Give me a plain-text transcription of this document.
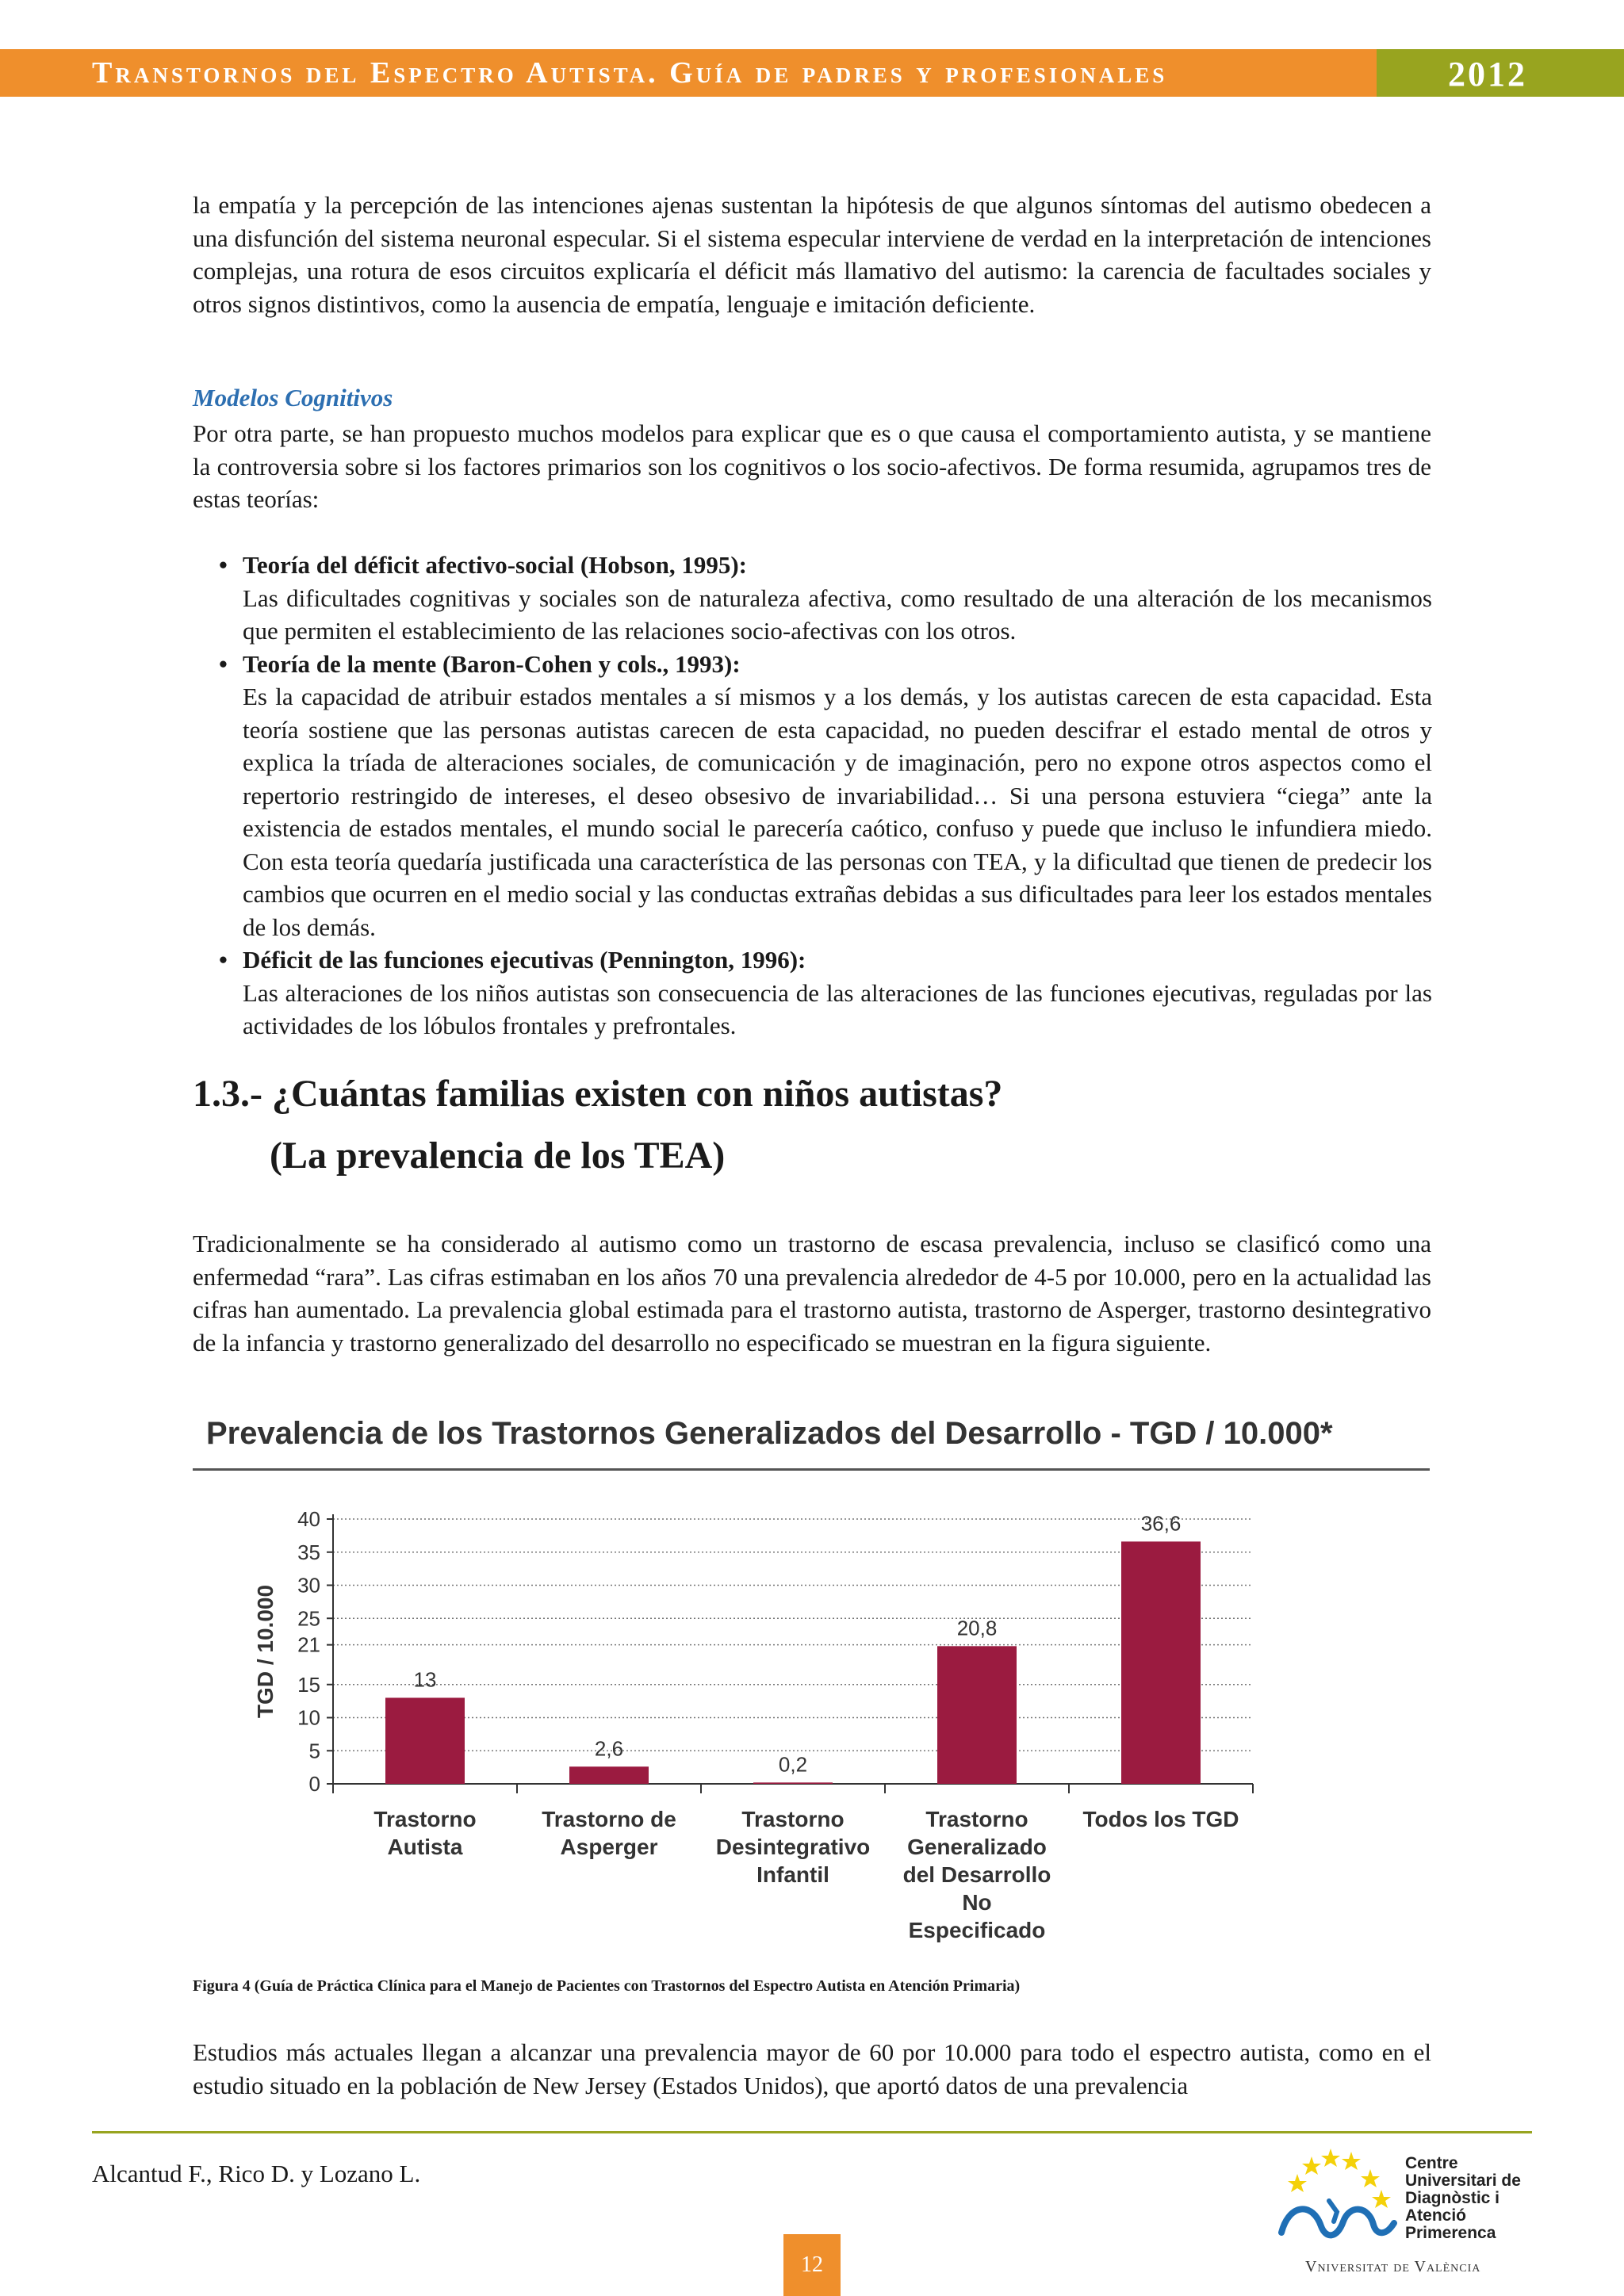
Transtornos del Espectro Autista. Guía de padres y profesionales	2012
la empatía y la percepción de las intenciones ajenas sustentan la hipótesis de que algunos síntomas del autismo obedecen a una disfunción del sistema neuronal especular. Si el sistema especular interviene de verdad en la interpretación de intenciones complejas, una rotura de esos circuitos explicaría el déficit más llamativo del autismo: la carencia de facultades sociales y otros signos distintivos, como la ausencia de empatía, lenguaje e imitación deficiente.
Modelos Cognitivos
Por otra parte, se han propuesto muchos modelos para explicar que es o que causa el comportamiento autista, y se mantiene la controversia sobre si los factores primarios son los cognitivos o los socio-afectivos. De forma resumida, agrupamos tres de estas teorías:
• Teoría del déficit afectivo-social (Hobson, 1995):
Las dificultades cognitivas y sociales son de naturaleza afectiva, como resultado de una alteración de los mecanismos que permiten el establecimiento de las relaciones socio-afectivas con los otros.
• Teoría de la mente (Baron-Cohen y cols., 1993):
Es la capacidad de atribuir estados mentales a sí mismos y a los demás, y los autistas carecen de esta capacidad. Esta teoría sostiene que las personas autistas carecen de esta capacidad, no pueden descifrar el estado mental de otros y explica la tríada de alteraciones sociales, de comunicación y de imaginación, pero no expone otros aspectos como el repertorio restringido de intereses, el deseo obsesivo de invariabilidad… Si una persona estuviera “ciega” ante la existencia de estados mentales, el mundo social le parecería caótico, confuso y puede que incluso le infundiera miedo. Con esta teoría quedaría justificada una característica de las personas con TEA, y la dificultad que tienen de predecir los cambios que ocurren en el medio social y las conductas extrañas debidas a sus dificultades para leer los estados mentales de los demás.
• Déficit de las funciones ejecutivas (Pennington, 1996):
Las alteraciones de los niños autistas son consecuencia de las alteraciones de las funciones ejecutivas, reguladas por las actividades de los lóbulos frontales y prefrontales.
1.3.- ¿Cuántas familias existen con niños autistas?
(La prevalencia de los TEA)
Tradicionalmente se ha considerado al autismo como un trastorno de escasa prevalencia, incluso se clasificó como una enfermedad “rara”. Las cifras estimaban en los años 70 una prevalencia alrededor de 4-5 por 10.000, pero en la actualidad las cifras han aumentado. La prevalencia global estimada para el trastorno autista, trastorno de Asperger, trastorno desintegrativo de la infancia y trastorno generalizado del desarrollo no especificado se muestran en la figura siguiente.
Prevalencia de los Trastornos Generalizados del Desarrollo - TGD / 10.000*
0
5
10
15
21
25
30
35
40
TGD / 10.000	13
Trastorno
Autista
2,6
Trastorno de
Asperger
0,2
Trastorno
Desintegrativo
Infantil
20,8
Trastorno
Generalizado
del Desarrollo
No
Especificado
36,6
Todos los TGD
Figura 4 (Guía de Práctica Clínica para el Manejo de Pacientes con Trastornos del Espectro Autista en Atención Primaria)
Estudios más actuales llegan a alcanzar una prevalencia mayor de 60 por 10.000 para todo el espectro autista, como en el estudio situado en la población de New Jersey (Estados Unidos), que aportó datos de una prevalencia
Alcantud F., Rico D. y Lozano L.
12
Centre
Universitari de
Diagnòstic i
Atenció
Primerenca
Vniversitat de València
